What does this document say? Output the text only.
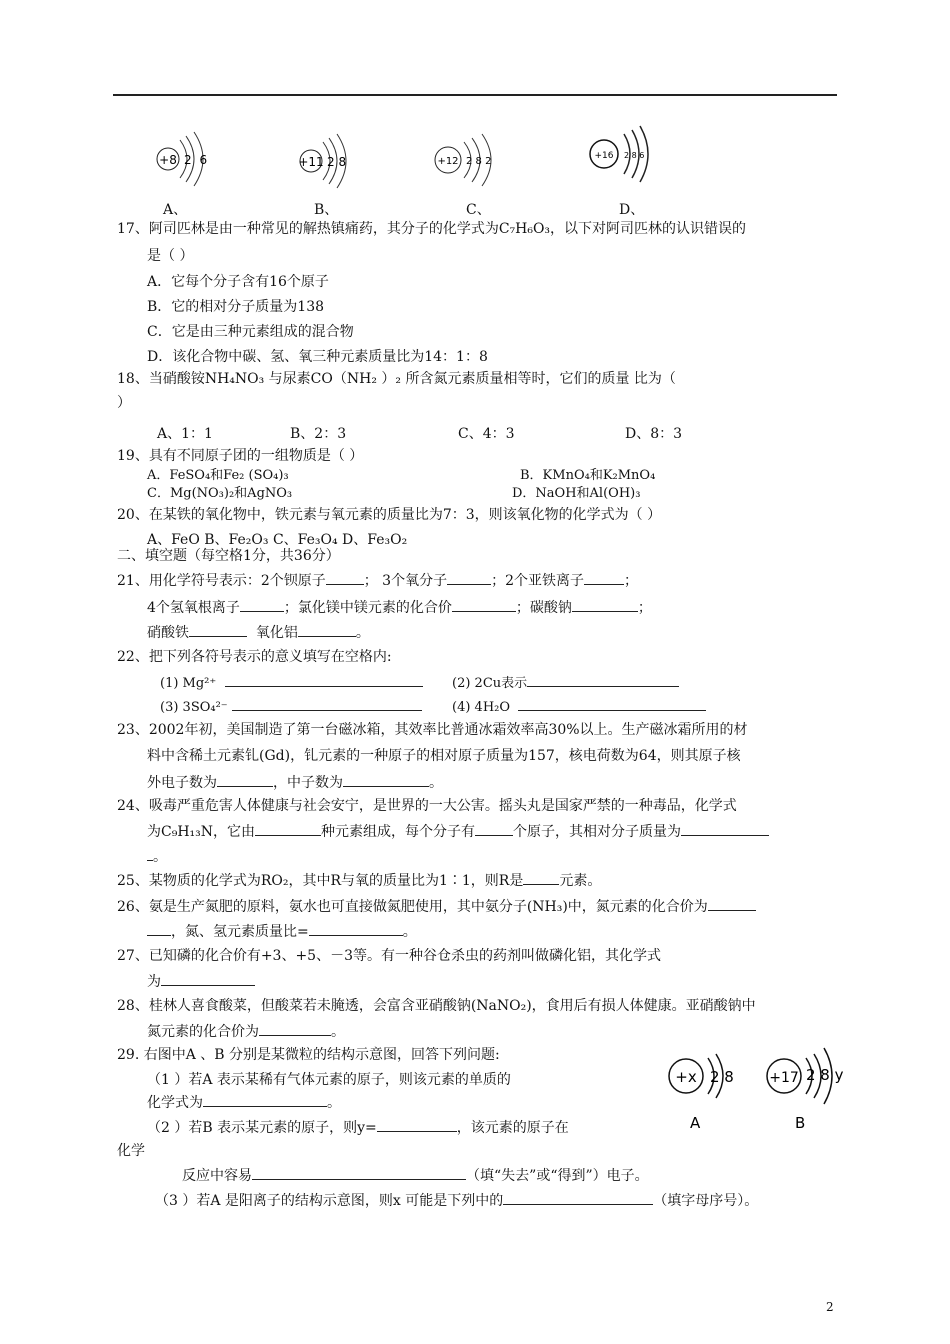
+8 2 6	+11 2 8	+12 2 8 2	+16 2 8 6
A、	B、	C、	D、
17、阿司匹林是由一种常见的解热镇痛药，其分子的化学式为C₇H₆O₃，以下对阿司匹林的认识错误的
是（ ）
A．它每个分子含有16个原子
B．它的相对分子质量为138
C．它是由三种元素组成的混合物
D．该化合物中碳、氢、氧三种元素质量比为14：1：8
18、当硝酸铵NH₄NO₃ 与尿素CO（NH₂ ）₂ 所含氮元素质量相等时，它们的质量 比为（
）
A、1：1	B、2：3	C、4：3	D、8：3
19、具有不同原子团的一组物质是（ ）
A．FeSO₄和Fe₂ (SO₄)₃	B．KMnO₄和K₂MnO₄
C．Mg(NO₃)₂和AgNO₃	D．NaOH和Al(OH)₃
20、在某铁的氧化物中，铁元素与氧元素的质量比为7：3，则该氧化物的化学式为（ ）
A、FeO B、Fe₂O₃ C、Fe₃O₄ D、Fe₃O₂
二、填空题（每空格1分，共36分）
21、用化学符号表示：2个钡原子	； 3个氧分子	；2个亚铁离子	；
4个氢氧根离子	；氯化镁中镁元素的化合价	；碳酸钠	；
硝酸铁	氧化铝	。
22、把下列各符号表示的意义填写在空格内:
(1) Mg²⁺	(2) 2Cu表示
(3) 3SO₄²⁻	(4) 4H₂O
23、2002年初，美国制造了第一台磁冰箱，其效率比普通冰霜效率高30%以上。生产磁冰霜所用的材
料中含稀土元素钆(Gd)，钆元素的一种原子的相对原子质量为157，核电荷数为64，则其原子核
外电子数为	，中子数为	。
24、吸毒严重危害人体健康与社会安宁，是世界的一大公害。摇头丸是国家严禁的一种毒品，化学式
为C₉H₁₃N，它由	种元素组成，每个分子有	个原子，其相对分子质量为
。
25、某物质的化学式为RO₂，其中R与氧的质量比为1∶1，则R是	元素。
26、氨是生产氮肥的原料，氨水也可直接做氮肥使用，其中氨分子(NH₃)中，氮元素的化合价为
，氮、氢元素质量比=	。
27、已知磷的化合价有+3、+5、－3等。有一种谷仓杀虫的药剂叫做磷化铝，其化学式
为
28、桂林人喜食酸菜，但酸菜若未腌透，会富含亚硝酸钠(NaNO₂)，食用后有损人体健康。亚硝酸钠中
氮元素的化合价为	。
29. 右图中A 、B 分别是某微粒的结构示意图，回答下列问题:
（1 ）若A 表示某稀有气体元素的原子，则该元素的单质的
化学式为	。
（2 ）若B 表示某元素的原子，则y=	，该元素的原子在
化学
反应中容易	（填“失去”或“得到”）电子。
（3 ）若A 是阳离子的结构示意图，则x 可能是下列中的	（填字母序号）。
+x 2 8
A
+17 2 8 y
B
2
